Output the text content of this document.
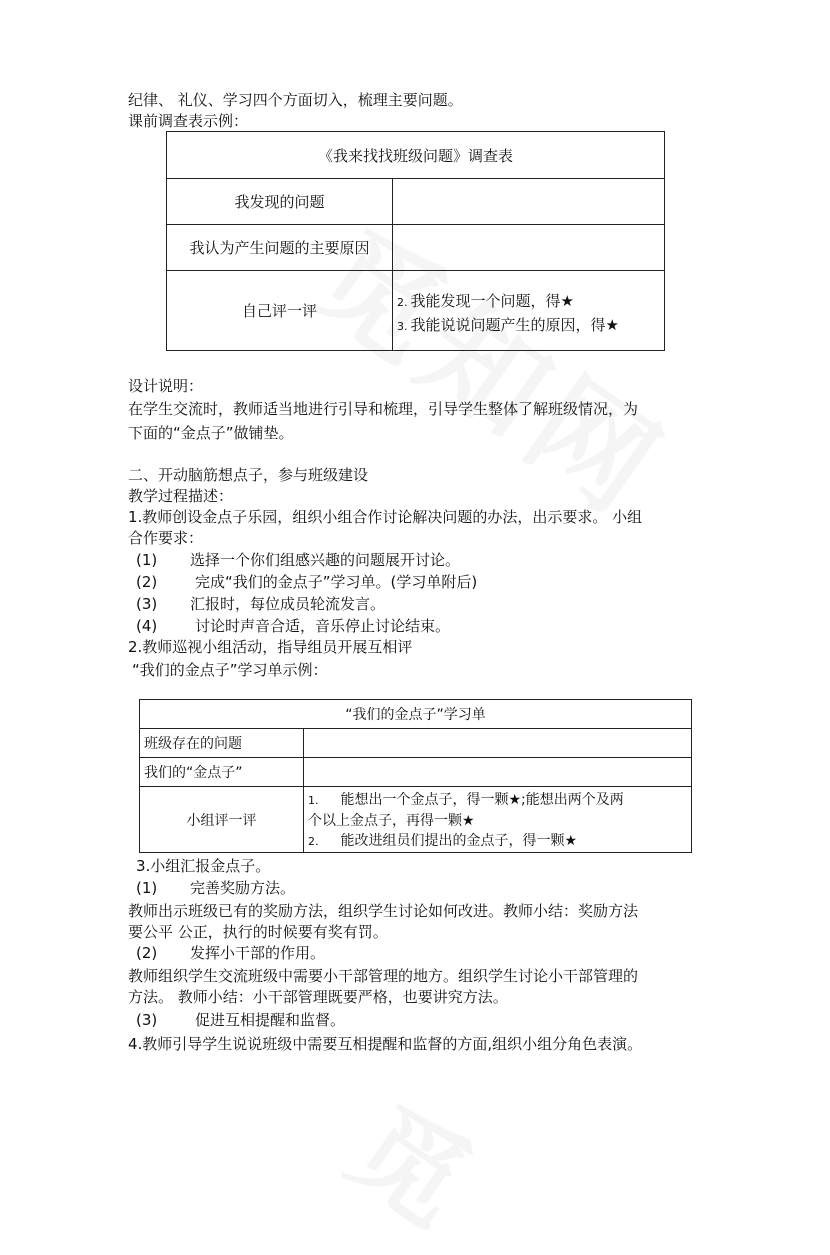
纪律、 礼仪、学习四个方面切入，梳理主要问题。
课前调查表示例：
《我来找找班级问题》调查表	
我发现的问题	
我认为产生问题的主要原因	
自己评一评	2. 我能发现一个问题，得★
3. 我能说说问题产生的原因，得★
设计说明：
在学生交流时，教师适当地进行引导和梳理，引导学生整体了解班级情况，为
下面的“金点子”做铺垫。
二、开动脑筋想点子，参与班级建设
教学过程描述：
1.教师创设金点子乐园，组织小组合作讨论解决问题的办法，出示要求。 小组
合作要求：
(1) 选择一个你们组感兴趣的问题展开讨论。
(2)	完成“我们的金点子”学习单。(学习单附后)
(3) 汇报时，每位成员轮流发言。
(4)	讨论时声音合适，音乐停止讨论结束。
2.教师巡视小组活动，指导组员开展互相评
“我们的金点子”学习单示例：
“我们的金点子”学习单	
班级存在的问题	
我们的“金点子”	
小组评一评	1. 能想出一个金点子，得一颗★;能想出两个及两
个以上金点子，再得一颗★
2. 能改进组员们提出的金点子，得一颗★
3.小组汇报金点子。
(1) 完善奖励方法。
教师出示班级已有的奖励方法，组织学生讨论如何改进。教师小结：奖励方法
要公平 公正，执行的时候要有奖有罚。
(2) 发挥小干部的作用。
教师组织学生交流班级中需要小干部管理的地方。组织学生讨论小干部管理的
方法。 教师小结：小干部管理既要严格，也要讲究方法。
(3)	促进互相提醒和监督。
4.教师引导学生说说班级中需要互相提醒和监督的方面,组织小组分角色表演。
